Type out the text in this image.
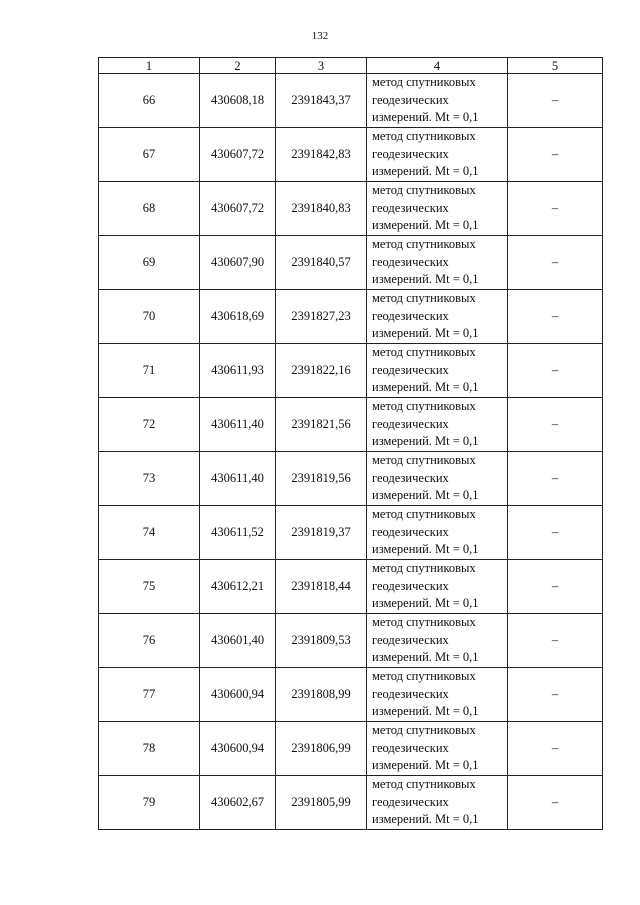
132
1	2	3	4	5
66	430608,18	2391843,37	метод спутниковых
геодезических
измерений. Mt = 0,1	–
67	430607,72	2391842,83	метод спутниковых
геодезических
измерений. Mt = 0,1	–
68	430607,72	2391840,83	метод спутниковых
геодезических
измерений. Mt = 0,1	–
69	430607,90	2391840,57	метод спутниковых
геодезических
измерений. Mt = 0,1	–
70	430618,69	2391827,23	метод спутниковых
геодезических
измерений. Mt = 0,1	–
71	430611,93	2391822,16	метод спутниковых
геодезических
измерений. Mt = 0,1	–
72	430611,40	2391821,56	метод спутниковых
геодезических
измерений. Mt = 0,1	–
73	430611,40	2391819,56	метод спутниковых
геодезических
измерений. Mt = 0,1	–
74	430611,52	2391819,37	метод спутниковых
геодезических
измерений. Mt = 0,1	–
75	430612,21	2391818,44	метод спутниковых
геодезических
измерений. Mt = 0,1	–
76	430601,40	2391809,53	метод спутниковых
геодезических
измерений. Mt = 0,1	–
77	430600,94	2391808,99	метод спутниковых
геодезических
измерений. Mt = 0,1	–
78	430600,94	2391806,99	метод спутниковых
геодезических
измерений. Mt = 0,1	–
79	430602,67	2391805,99	метод спутниковых
геодезических
измерений. Mt = 0,1	–
